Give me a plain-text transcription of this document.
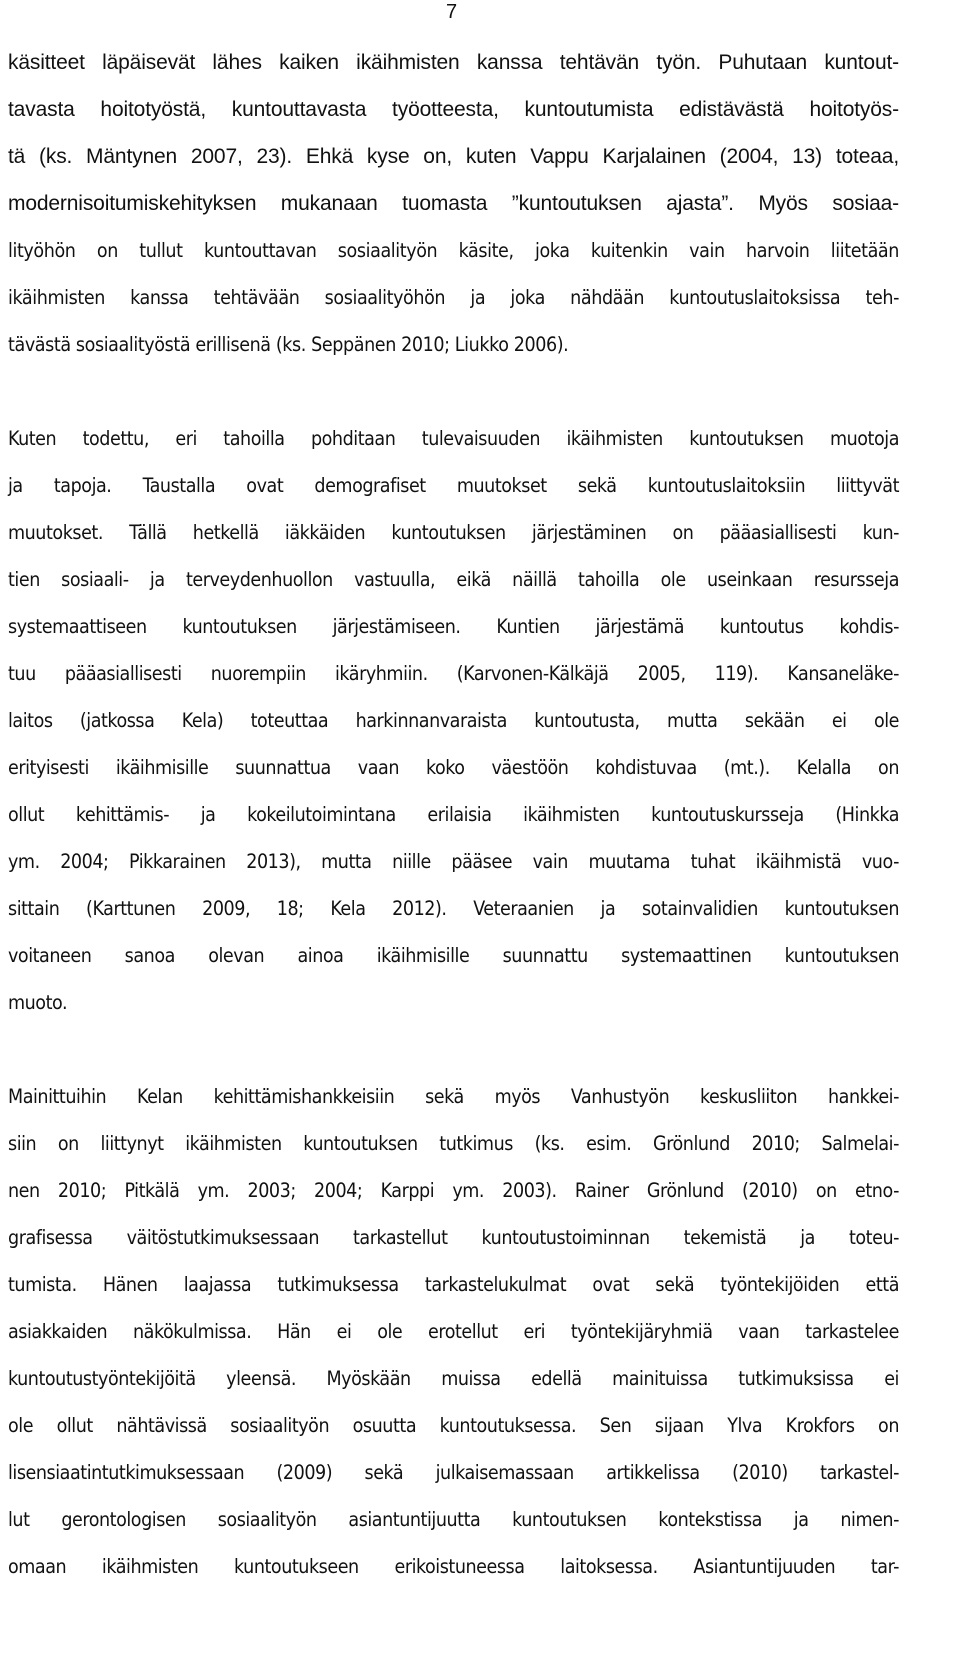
7
käsitteet läpäisevät lähes kaiken ikäihmisten kanssa tehtävän työn. Puhutaan kuntout-
tavasta hoitotyöstä, kuntouttavasta työotteesta, kuntoutumista edistävästä hoitotyös-
tä (ks. Mäntynen 2007, 23). Ehkä kyse on, kuten Vappu Karjalainen (2004, 13) toteaa,
modernisoitumiskehityksen mukanaan tuomasta ”kuntoutuksen ajasta”. Myös sosiaa-
lityöhön on tullut kuntouttavan sosiaalityön käsite, joka kuitenkin vain harvoin liitetään
ikäihmisten kanssa tehtävään sosiaalityöhön ja joka nähdään kuntoutuslaitoksissa teh-
tävästä sosiaalityöstä erillisenä (ks. Seppänen 2010; Liukko 2006).
Kuten todettu, eri tahoilla pohditaan tulevaisuuden ikäihmisten kuntoutuksen muotoja
ja tapoja. Taustalla ovat demografiset muutokset sekä kuntoutuslaitoksiin liittyvät
muutokset. Tällä hetkellä iäkkäiden kuntoutuksen järjestäminen on pääasiallisesti kun-
tien sosiaali- ja terveydenhuollon vastuulla, eikä näillä tahoilla ole useinkaan resursseja
systemaattiseen kuntoutuksen järjestämiseen. Kuntien järjestämä kuntoutus kohdis-
tuu pääasiallisesti nuorempiin ikäryhmiin. (Karvonen-Kälkäjä 2005, 119). Kansaneläke-
laitos (jatkossa Kela) toteuttaa harkinnanvaraista kuntoutusta, mutta sekään ei ole
erityisesti ikäihmisille suunnattua vaan koko väestöön kohdistuvaa (mt.). Kelalla on
ollut kehittämis- ja kokeilutoimintana erilaisia ikäihmisten kuntoutuskursseja (Hinkka
ym. 2004; Pikkarainen 2013), mutta niille pääsee vain muutama tuhat ikäihmistä vuo-
sittain (Karttunen 2009, 18; Kela 2012). Veteraanien ja sotainvalidien kuntoutuksen
voitaneen sanoa olevan ainoa ikäihmisille suunnattu systemaattinen kuntoutuksen
muoto.
Mainittuihin Kelan kehittämishankkeisiin sekä myös Vanhustyön keskusliiton hankkei-
siin on liittynyt ikäihmisten kuntoutuksen tutkimus (ks. esim. Grönlund 2010; Salmelai-
nen 2010; Pitkälä ym. 2003; 2004; Karppi ym. 2003). Rainer Grönlund (2010) on etno-
grafisessa väitöstutkimuksessaan tarkastellut kuntoutustoiminnan tekemistä ja toteu-
tumista. Hänen laajassa tutkimuksessa tarkastelukulmat ovat sekä työntekijöiden että
asiakkaiden näkökulmissa. Hän ei ole erotellut eri työntekijäryhmiä vaan tarkastelee
kuntoutustyöntekijöitä yleensä. Myöskään muissa edellä mainituissa tutkimuksissa ei
ole ollut nähtävissä sosiaalityön osuutta kuntoutuksessa. Sen sijaan Ylva Krokfors on
lisensiaatintutkimuksessaan (2009) sekä julkaisemassaan artikkelissa (2010) tarkastel-
lut gerontologisen sosiaalityön asiantuntijuutta kuntoutuksen kontekstissa ja nimen-
omaan ikäihmisten kuntoutukseen erikoistuneessa laitoksessa. Asiantuntijuuden tar-
